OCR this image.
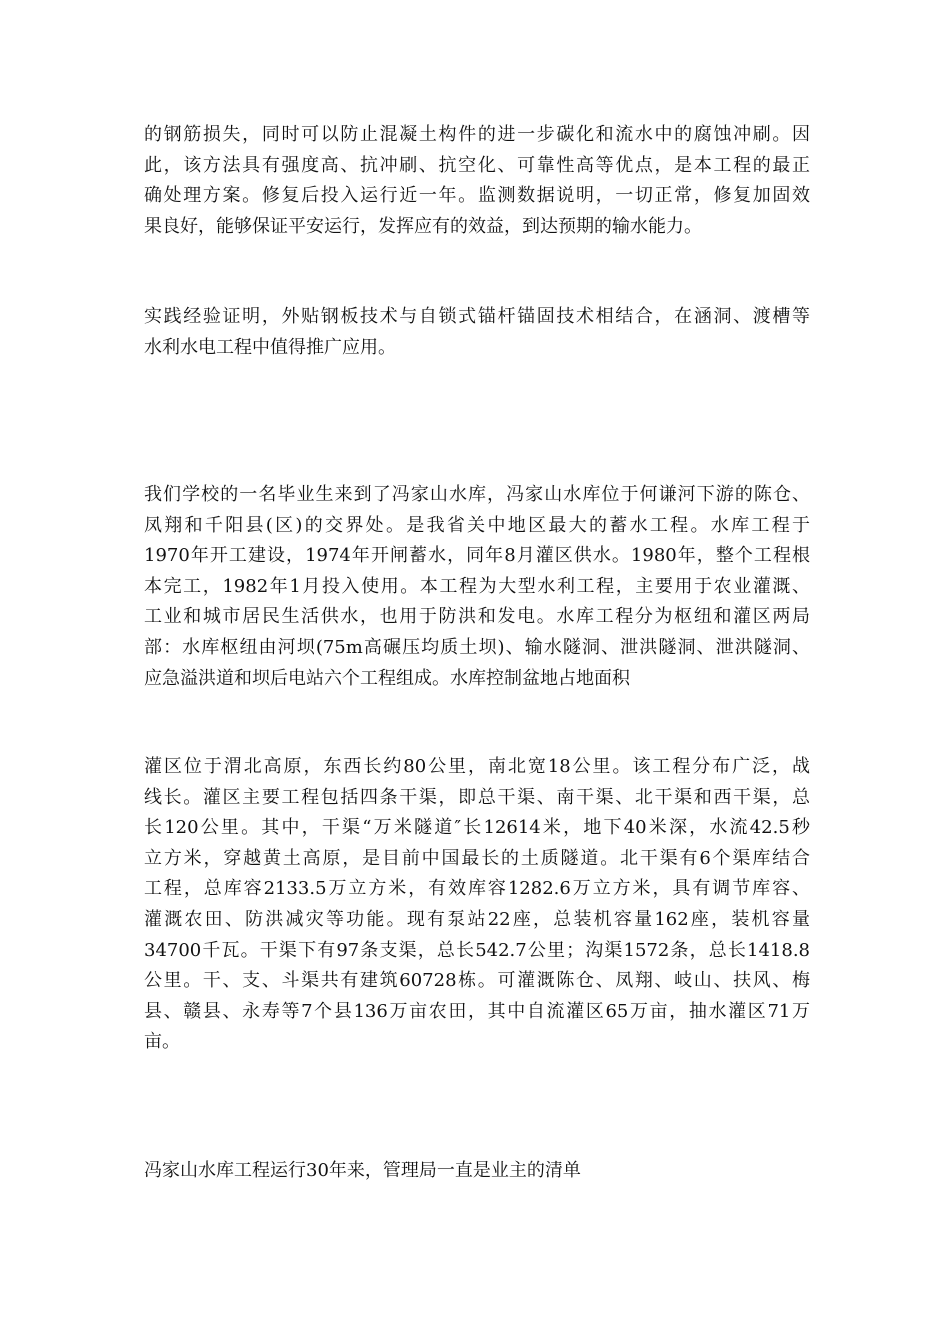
的钢筋损失，同时可以防止混凝土构件的进一步碳化和流水中的腐蚀冲刷。因
此，该方法具有强度高、抗冲刷、抗空化、可靠性高等优点，是本工程的最正
确处理方案。修复后投入运行近一年。监测数据说明，一切正常，修复加固效
果良好，能够保证平安运行，发挥应有的效益，到达预期的输水能力。
实践经验证明，外贴钢板技术与自锁式锚杆锚固技术相结合，在涵洞、渡槽等
水利水电工程中值得推广应用。
我们学校的一名毕业生来到了冯家山水库，冯家山水库位于何谦河下游的陈仓、
凤翔和千阳县(区)的交界处。是我省关中地区最大的蓄水工程。水库工程于
1970年开工建设，1974年开闸蓄水，同年8月灌区供水。1980年，整个工程根
本完工，1982年1月投入使用。本工程为大型水利工程，主要用于农业灌溉、
工业和城市居民生活供水，也用于防洪和发电。水库工程分为枢纽和灌区两局
部：水库枢纽由河坝(75m高碾压均质土坝)、输水隧洞、泄洪隧洞、泄洪隧洞、
应急溢洪道和坝后电站六个工程组成。水库控制盆地占地面积
灌区位于渭北高原，东西长约80公里，南北宽18公里。该工程分布广泛，战
线长。灌区主要工程包括四条干渠，即总干渠、南干渠、北干渠和西干渠，总
长120公里。其中，干渠“万米隧道″长12614米，地下40米深，水流42.5秒
立方米，穿越黄土高原，是目前中国最长的土质隧道。北干渠有6个渠库结合
工程，总库容2133.5万立方米，有效库容1282.6万立方米，具有调节库容、
灌溉农田、防洪减灾等功能。现有泵站22座，总装机容量162座，装机容量
34700千瓦。干渠下有97条支渠，总长542.7公里；沟渠1572条，总长1418.8
公里。干、支、斗渠共有建筑60728栋。可灌溉陈仓、凤翔、岐山、扶风、梅
县、赣县、永寿等7个县136万亩农田，其中自流灌区65万亩，抽水灌区71万
亩。
冯家山水库工程运行30年来，管理局一直是业主的清单
